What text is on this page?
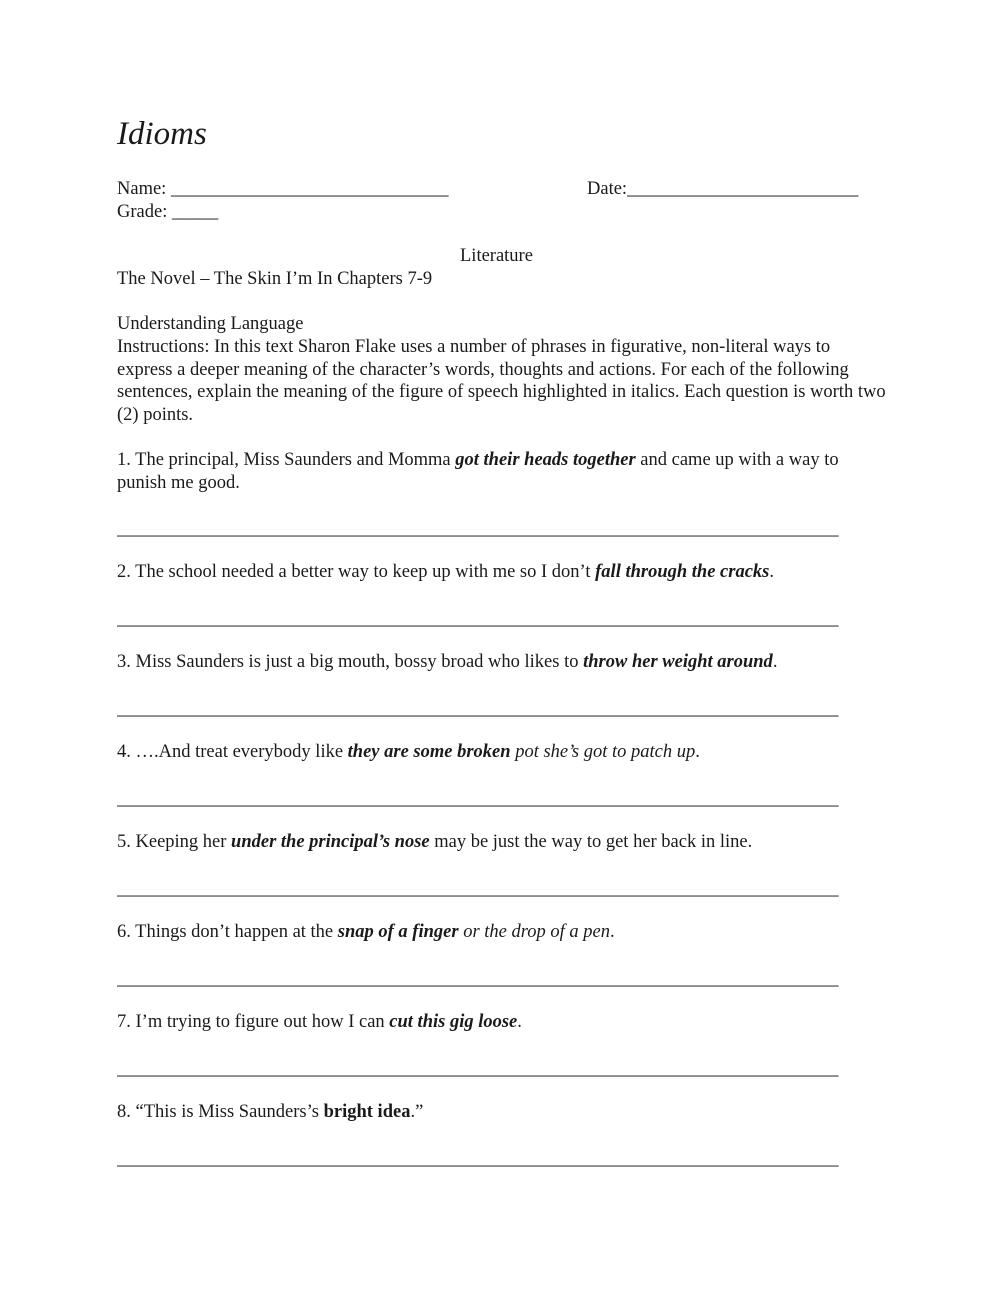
Idioms
Name: ______________________________	Date:_________________________
Grade: _____
Literature
The Novel – The Skin I’m In Chapters 7-9
Understanding Language
Instructions: In this text Sharon Flake uses a number of phrases in figurative, non-literal ways to express a deeper meaning of the character’s words, thoughts and actions. For each of the following sentences, explain the meaning of the figure of speech highlighted in italics. Each question is worth two (2) points.
1. The principal, Miss Saunders and Momma got their heads together and came up with a way to punish me good.
______________________________________________________________________________
2. The school needed a better way to keep up with me so I don’t fall through the cracks.
______________________________________________________________________________
3. Miss Saunders is just a big mouth, bossy broad who likes to throw her weight around.
______________________________________________________________________________
4. ….And treat everybody like they are some broken pot she’s got to patch up.
______________________________________________________________________________
5. Keeping her under the principal’s nose may be just the way to get her back in line.
______________________________________________________________________________
6. Things don’t happen at the snap of a finger or the drop of a pen.
______________________________________________________________________________
7. I’m trying to figure out how I can cut this gig loose.
______________________________________________________________________________
8. “This is Miss Saunders’s bright idea.”
______________________________________________________________________________
